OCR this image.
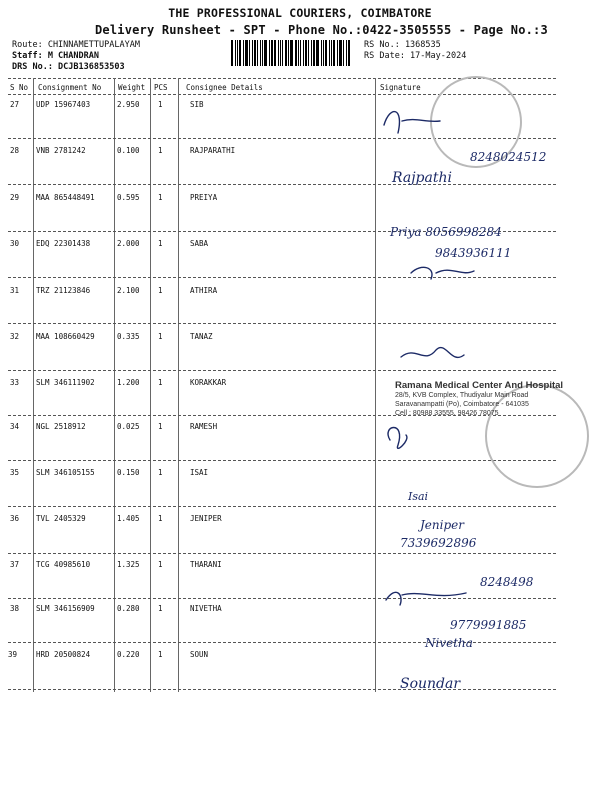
THE PROFESSIONAL COURIERS, COIMBATORE
Delivery Runsheet - SPT - Phone No.:0422-3505555 - Page No.:3
Route: CHINNAMETTUPALAYAM
Staff: M CHANDRAN
DRS No.: DCJB136853503
RS No.: 1368535
RS Date: 17-May-2024
S No Consignment No Weight PCS Consignee Details	Signature
27 UDP 15967403	2.950 1	SIB
28 VNB 2781242	0.100 1	RAJPARATHI
29 MAA 865448491	0.595 1	PREIYA
30 EDQ 22301438	2.000 1	SABA
31 TRZ 21123846	2.100 1	ATHIRA
32 MAA 108660429	0.335 1	TANAZ
33 SLM 346111902	1.200 1	KORAKKAR
34 NGL 2518912	0.025 1	RAMESH
35 SLM 346105155	0.150 1	ISAI
36 TVL 2405329	1.405 1	JENIPER
37 TCG 40985610	1.325 1	THARANI
38 SLM 346156909	0.280 1	NIVETHA
39	HRD 20500824	0.220 1	SOUN
Ramana Medical Center And Hospital
28/5, KVB Complex, Thudiyalur Main Road
Saravanampatti (Po), Coimbatore - 641035
Cell : 80988 33555, 98426 78075
8248024512
Rajpathi
Priya 8056998284
9843936111
Isai
Jeniper
7339692896
8248498
9779991885
Nivetha
Soundar
